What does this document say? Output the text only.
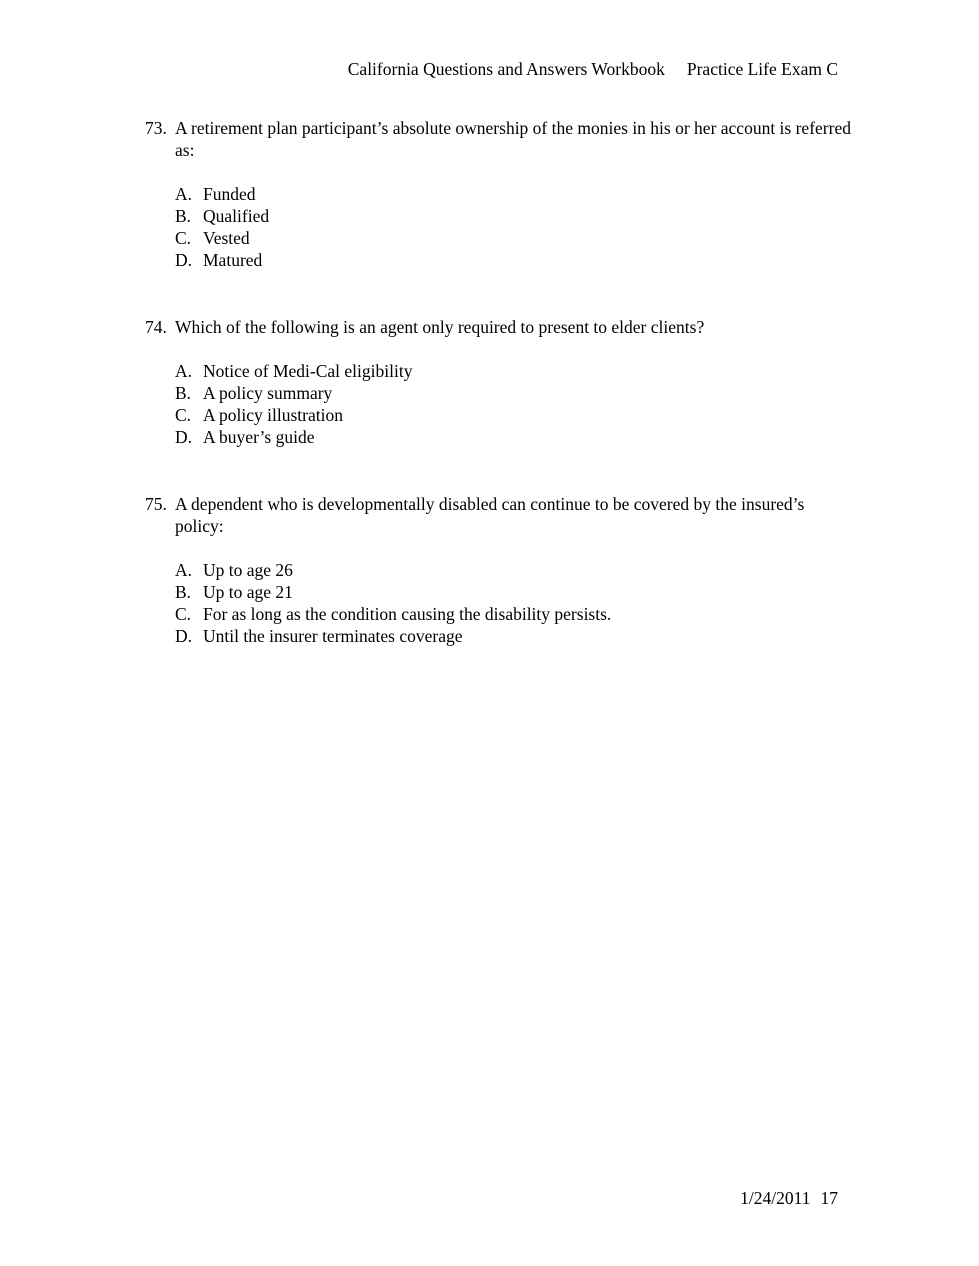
California Questions and Answers Workbook Practice Life Exam C
73. A retirement plan participant’s absolute ownership of the monies in his or her account is referred as:
A. Funded
B. Qualified
C. Vested
D. Matured
74. Which of the following is an agent only required to present to elder clients?
A. Notice of Medi-Cal eligibility
B. A policy summary
C. A policy illustration
D. A buyer’s guide
75. A dependent who is developmentally disabled can continue to be covered by the insured’s policy:
A. Up to age 26
B. Up to age 21
C. For as long as the condition causing the disability persists.
D. Until the insurer terminates coverage
1/24/2011 17
